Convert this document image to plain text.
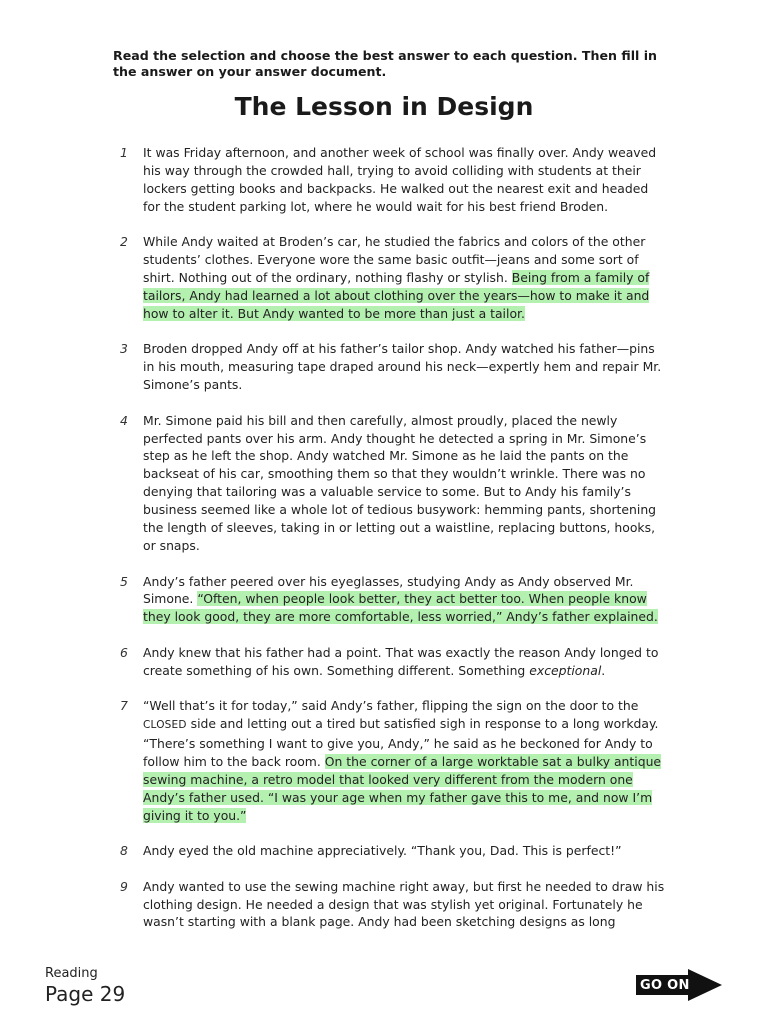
Read the selection and choose the best answer to each question. Then fill in the answer on your answer document.
The Lesson in Design
1	It was Friday afternoon, and another week of school was finally over. Andy weaved his way through the crowded hall, trying to avoid colliding with students at their lockers getting books and backpacks. He walked out the nearest exit and headed for the student parking lot, where he would wait for his best friend Broden.
2	While Andy waited at Broden’s car, he studied the fabrics and colors of the other students’ clothes. Everyone wore the same basic outfit—jeans and some sort of shirt. Nothing out of the ordinary, nothing flashy or stylish. Being from a family of tailors, Andy had learned a lot about clothing over the years—how to make it and how to alter it. But Andy wanted to be more than just a tailor.
3	Broden dropped Andy off at his father’s tailor shop. Andy watched his father—pins in his mouth, measuring tape draped around his neck—expertly hem and repair Mr. Simone’s pants.
4	Mr. Simone paid his bill and then carefully, almost proudly, placed the newly perfected pants over his arm. Andy thought he detected a spring in Mr. Simone’s step as he left the shop. Andy watched Mr. Simone as he laid the pants on the backseat of his car, smoothing them so that they wouldn’t wrinkle. There was no denying that tailoring was a valuable service to some. But to Andy his family’s business seemed like a whole lot of tedious busywork: hemming pants, shortening the length of sleeves, taking in or letting out a waistline, replacing buttons, hooks, or snaps.
5	Andy’s father peered over his eyeglasses, studying Andy as Andy observed Mr. Simone. “Often, when people look better, they act better too. When people know they look good, they are more comfortable, less worried,” Andy’s father explained.
6	Andy knew that his father had a point. That was exactly the reason Andy longed to create something of his own. Something different. Something exceptional.
7	“Well that’s it for today,” said Andy’s father, flipping the sign on the door to the CLOSED side and letting out a tired but satisfied sigh in response to a long workday. “There’s something I want to give you, Andy,” he said as he beckoned for Andy to follow him to the back room. On the corner of a large worktable sat a bulky antique sewing machine, a retro model that looked very different from the modern one Andy’s father used. “I was your age when my father gave this to me, and now I’m giving it to you.”
8	Andy eyed the old machine appreciatively. “Thank you, Dad. This is perfect!”
9	Andy wanted to use the sewing machine right away, but first he needed to draw his clothing design. He needed a design that was stylish yet original. Fortunately he wasn’t starting with a blank page. Andy had been sketching designs as long
Reading
Page 29	GO ON
